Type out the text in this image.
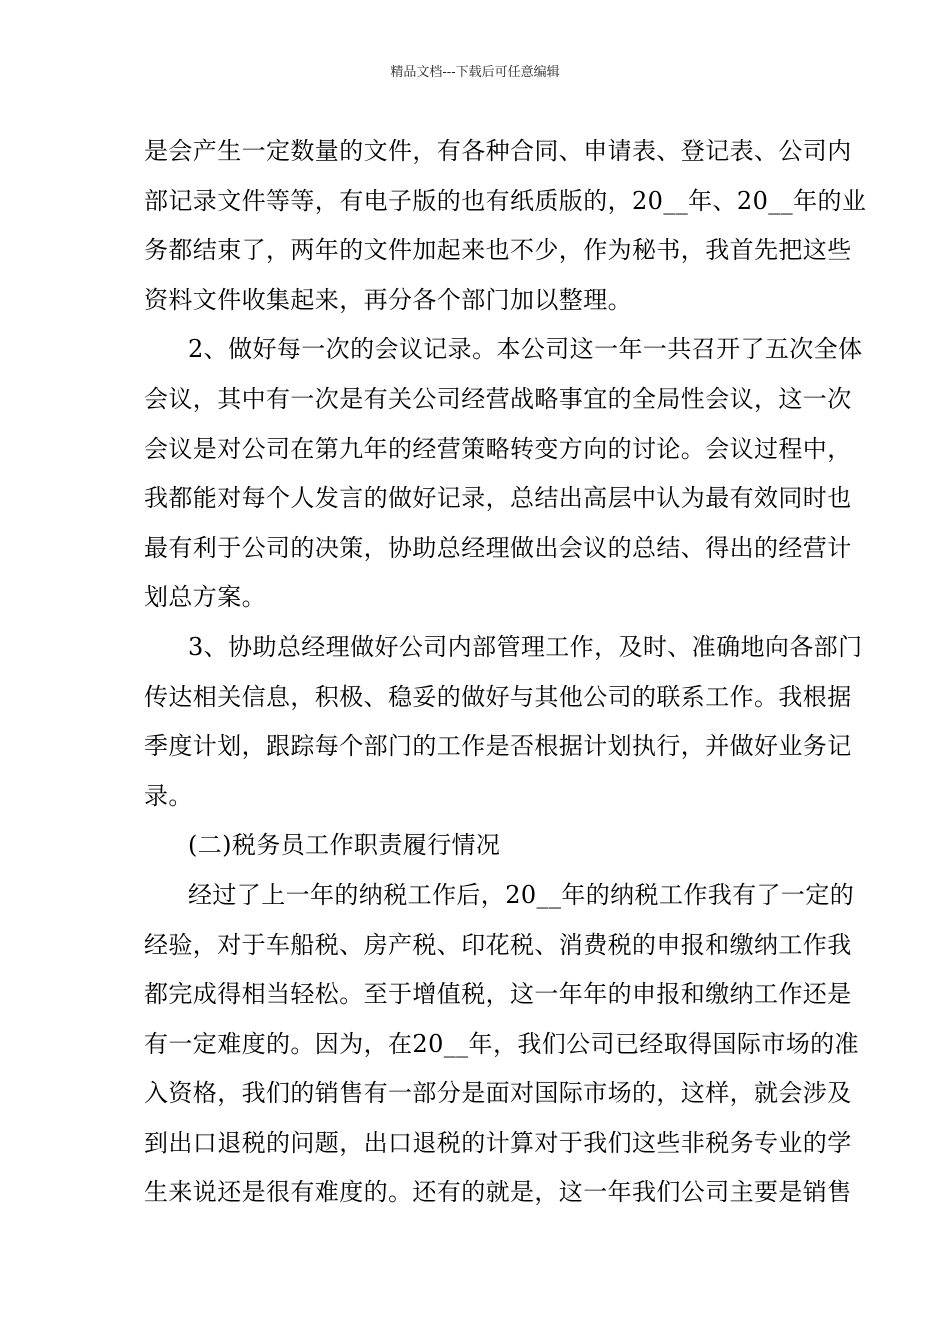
精品文档---下载后可任意编辑
是会产生一定数量的文件，有各种合同、申请表、登记表、公司内
部记录文件等等，有电子版的也有纸质版的，20__年、20__年的业
务都结束了，两年的文件加起来也不少，作为秘书，我首先把这些
资料文件收集起来，再分各个部门加以整理。
2、做好每一次的会议记录。本公司这一年一共召开了五次全体
会议，其中有一次是有关公司经营战略事宜的全局性会议，这一次
会议是对公司在第九年的经营策略转变方向的讨论。会议过程中，
我都能对每个人发言的做好记录，总结出高层中认为最有效同时也
最有利于公司的决策，协助总经理做出会议的总结、得出的经营计
划总方案。
3、协助总经理做好公司内部管理工作，及时、准确地向各部门
传达相关信息，积极、稳妥的做好与其他公司的联系工作。我根据
季度计划，跟踪每个部门的工作是否根据计划执行，并做好业务记
录。
(二)税务员工作职责履行情况
经过了上一年的纳税工作后，20__年的纳税工作我有了一定的
经验，对于车船税、房产税、印花税、消费税的申报和缴纳工作我
都完成得相当轻松。至于增值税，这一年年的申报和缴纳工作还是
有一定难度的。因为，在20__年，我们公司已经取得国际市场的准
入资格，我们的销售有一部分是面对国际市场的，这样，就会涉及
到出口退税的问题，出口退税的计算对于我们这些非税务专业的学
生来说还是很有难度的。还有的就是，这一年我们公司主要是销售
